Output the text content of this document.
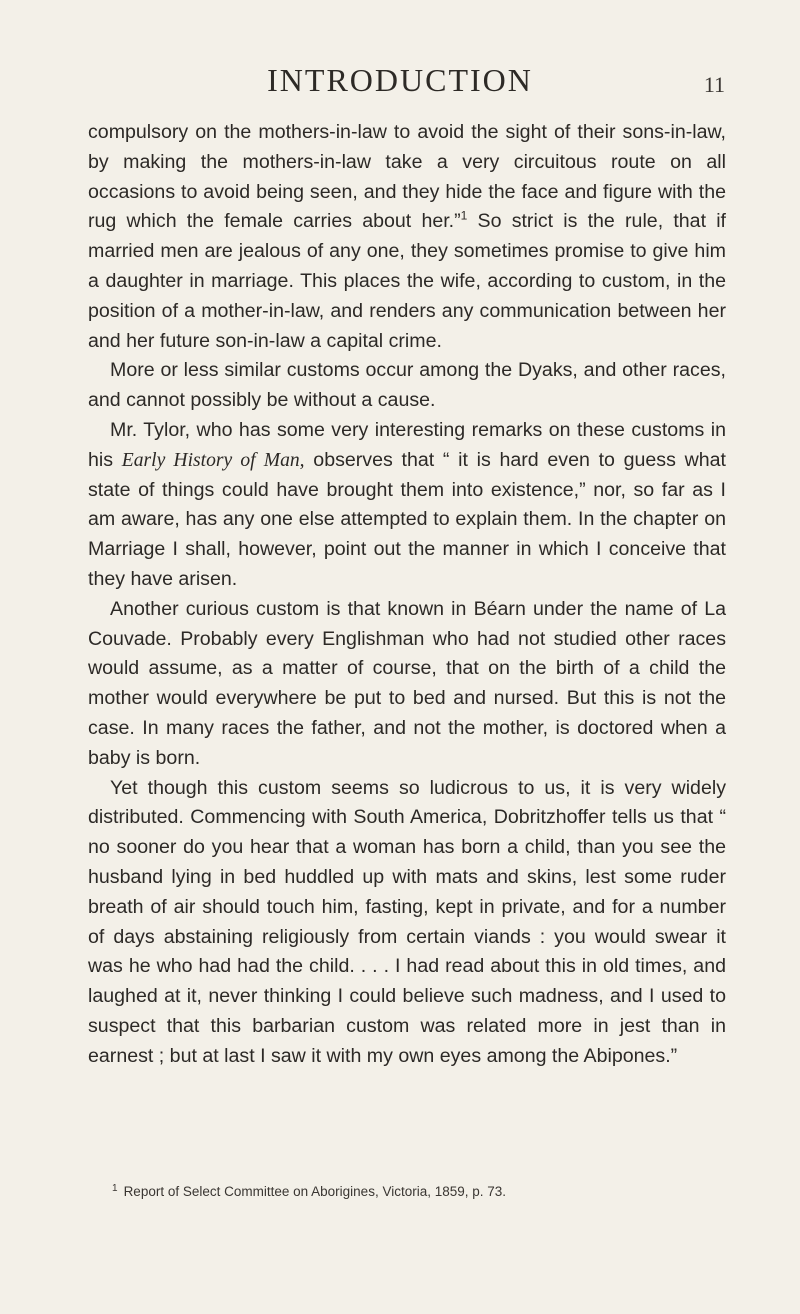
INTRODUCTION	11

compulsory on the mothers-in-law to avoid the sight of their sons-in-law, by making the mothers-in-law take a very circuitous route on all occasions to avoid being seen, and they hide the face and figure with the rug which the female carries about her.”$^1$ So strict is the rule, that if married men are jealous of any one, they sometimes promise to give him a daughter in marriage. This places the wife, according to custom, in the position of a mother-in-law, and renders any communication between her and her future son-in-law a capital crime.

More or less similar customs occur among the Dyaks, and other races, and cannot possibly be without a cause.

Mr. Tylor, who has some very interesting remarks on these customs in his Early History of Man, observes that “ it is hard even to guess what state of things could have brought them into existence,” nor, so far as I am aware, has any one else attempted to explain them. In the chapter on Marriage I shall, however, point out the manner in which I conceive that they have arisen.

Another curious custom is that known in Béarn under the name of La Couvade. Probably every Englishman who had not studied other races would assume, as a matter of course, that on the birth of a child the mother would everywhere be put to bed and nursed. But this is not the case. In many races the father, and not the mother, is doctored when a baby is born.

Yet though this custom seems so ludicrous to us, it is very widely distributed. Commencing with South America, Dobritzhoffer tells us that “ no sooner do you hear that a woman has born a child, than you see the husband lying in bed huddled up with mats and skins, lest some ruder breath of air should touch him, fasting, kept in private, and for a number of days abstaining religiously from certain viands : you would swear it was he who had had the child. . . . I had read about this in old times, and laughed at it, never thinking I could believe such madness, and I used to suspect that this barbarian custom was related more in jest than in earnest ; but at last I saw it with my own eyes among the Abipones.”

$^1$ Report of Select Committee on Aborigines, Victoria, 1859, p. 73.
